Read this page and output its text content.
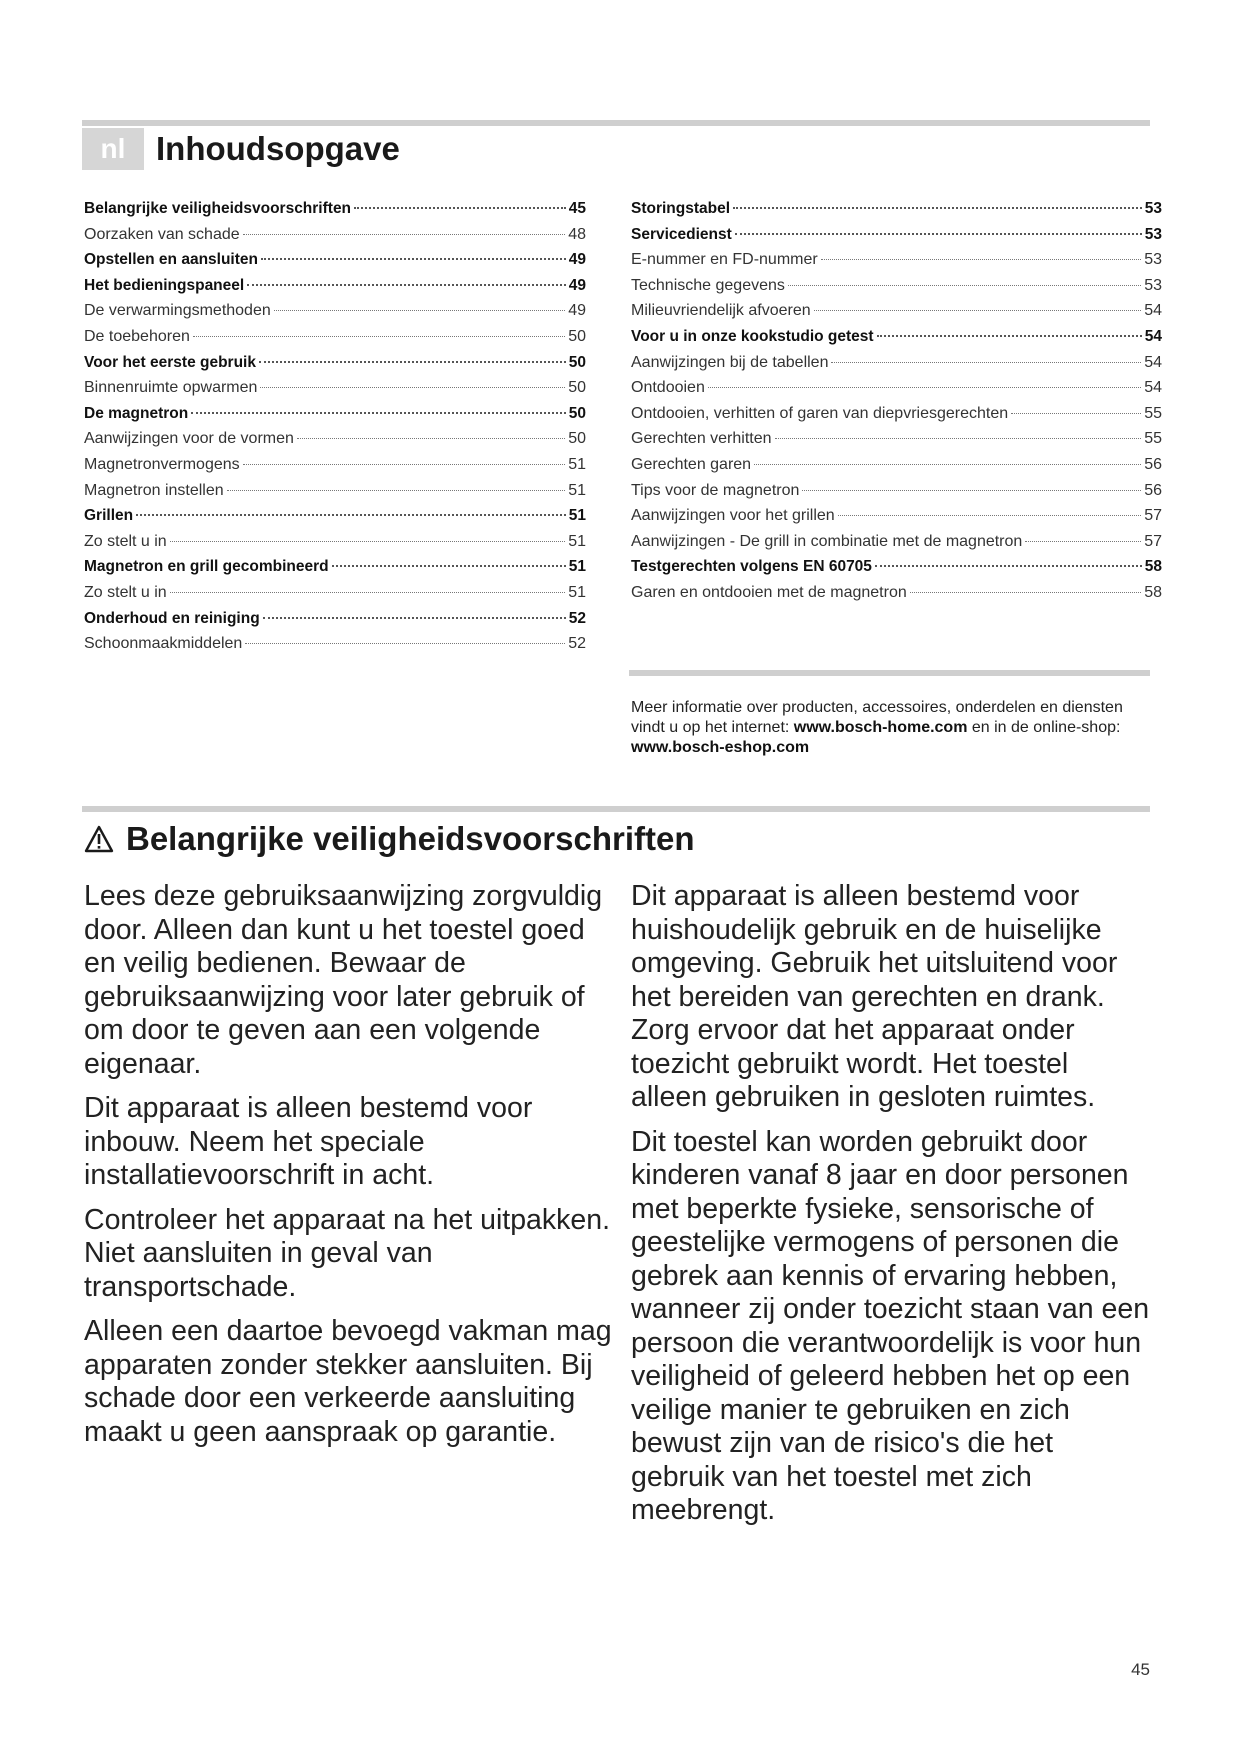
nl Inhoudsopgave
Belangrijke veiligheidsvoorschriften	45
Oorzaken van schade	48
Opstellen en aansluiten	49
Het bedieningspaneel	49
De verwarmingsmethoden	49
De toebehoren	50
Voor het eerste gebruik	50
Binnenruimte opwarmen	50
De magnetron	50
Aanwijzingen voor de vormen	50
Magnetronvermogens	51
Magnetron instellen	51
Grillen	51
Zo stelt u in	51
Magnetron en grill gecombineerd	51
Zo stelt u in	51
Onderhoud en reiniging	52
Schoonmaakmiddelen	52
Storingstabel	53
Servicedienst	53
E-nummer en FD-nummer	53
Technische gegevens	53
Milieuvriendelijk afvoeren	54
Voor u in onze kookstudio getest	54
Aanwijzingen bij de tabellen	54
Ontdooien	54
Ontdooien, verhitten of garen van diepvriesgerechten	55
Gerechten verhitten	55
Gerechten garen	56
Tips voor de magnetron	56
Aanwijzingen voor het grillen	57
Aanwijzingen - De grill in combinatie met de magnetron	57
Testgerechten volgens EN 60705	58
Garen en ontdooien met de magnetron	58

Meer informatie over producten, accessoires, onderdelen en diensten vindt u op het internet: www.bosch-home.com en in de online-shop: www.bosch-eshop.com

Belangrijke veiligheidsvoorschriften

Lees deze gebruiksaanwijzing zorgvuldig door. Alleen dan kunt u het toestel goed en veilig bedienen. Bewaar de gebruiksaanwijzing voor later gebruik of om door te geven aan een volgende eigenaar.

Dit apparaat is alleen bestemd voor inbouw. Neem het speciale installatievoorschrift in acht.

Controleer het apparaat na het uitpakken. Niet aansluiten in geval van transportschade.

Alleen een daartoe bevoegd vakman mag apparaten zonder stekker aansluiten. Bij schade door een verkeerde aansluiting maakt u geen aanspraak op garantie.

Dit apparaat is alleen bestemd voor huishoudelijk gebruik en de huiselijke omgeving. Gebruik het uitsluitend voor het bereiden van gerechten en drank. Zorg ervoor dat het apparaat onder toezicht gebruikt wordt. Het toestel alleen gebruiken in gesloten ruimtes.

Dit toestel kan worden gebruikt door kinderen vanaf 8 jaar en door personen met beperkte fysieke, sensorische of geestelijke vermogens of personen die gebrek aan kennis of ervaring hebben, wanneer zij onder toezicht staan van een persoon die verantwoordelijk is voor hun veiligheid of geleerd hebben het op een veilige manier te gebruiken en zich bewust zijn van de risico's die het gebruik van het toestel met zich meebrengt.

45
